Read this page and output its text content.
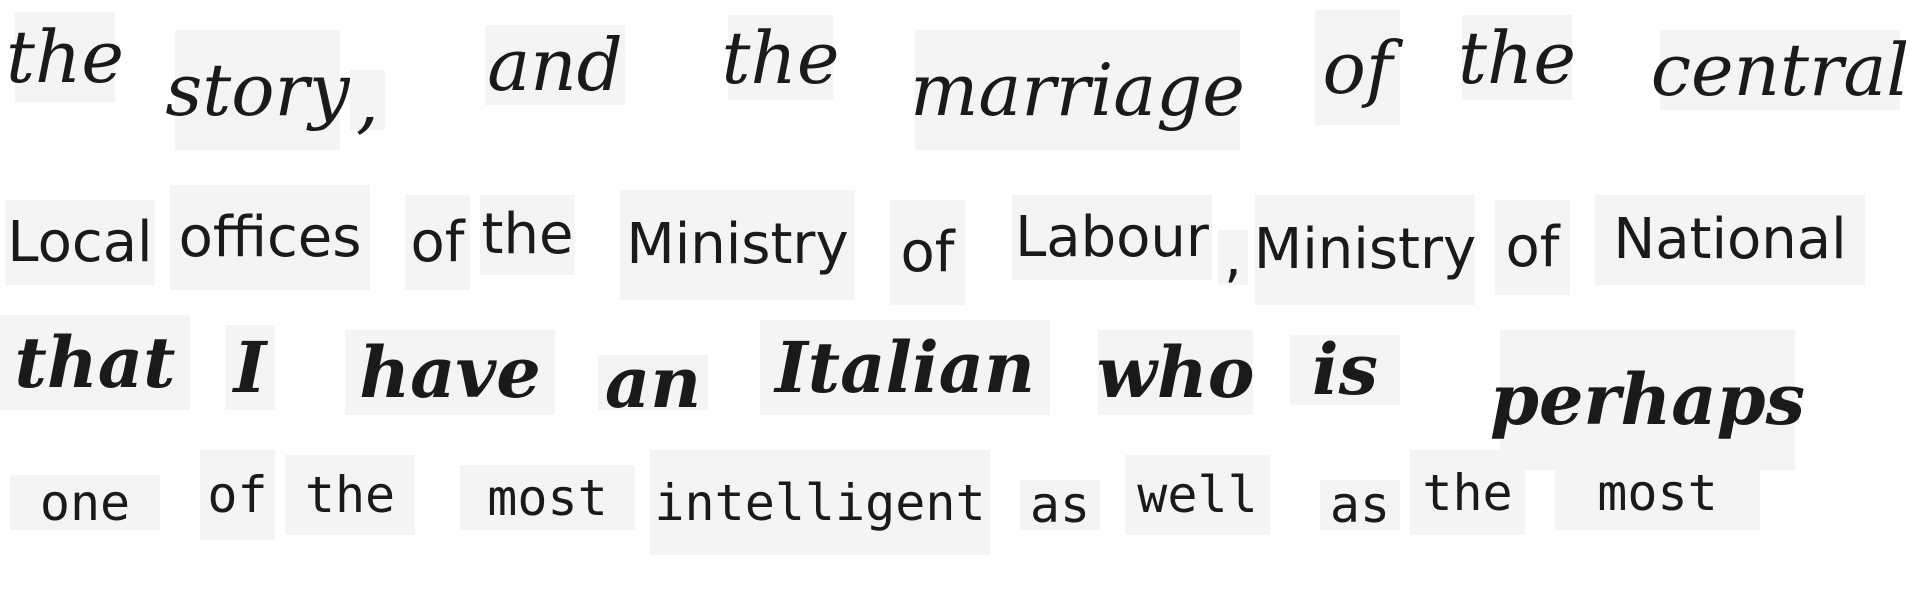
the story , and the marriage of the central
Local offices of the Ministry of Labour , Ministry of National
that I have an Italian who is	perhaps
one	of the	most intelligent as well as the	most
